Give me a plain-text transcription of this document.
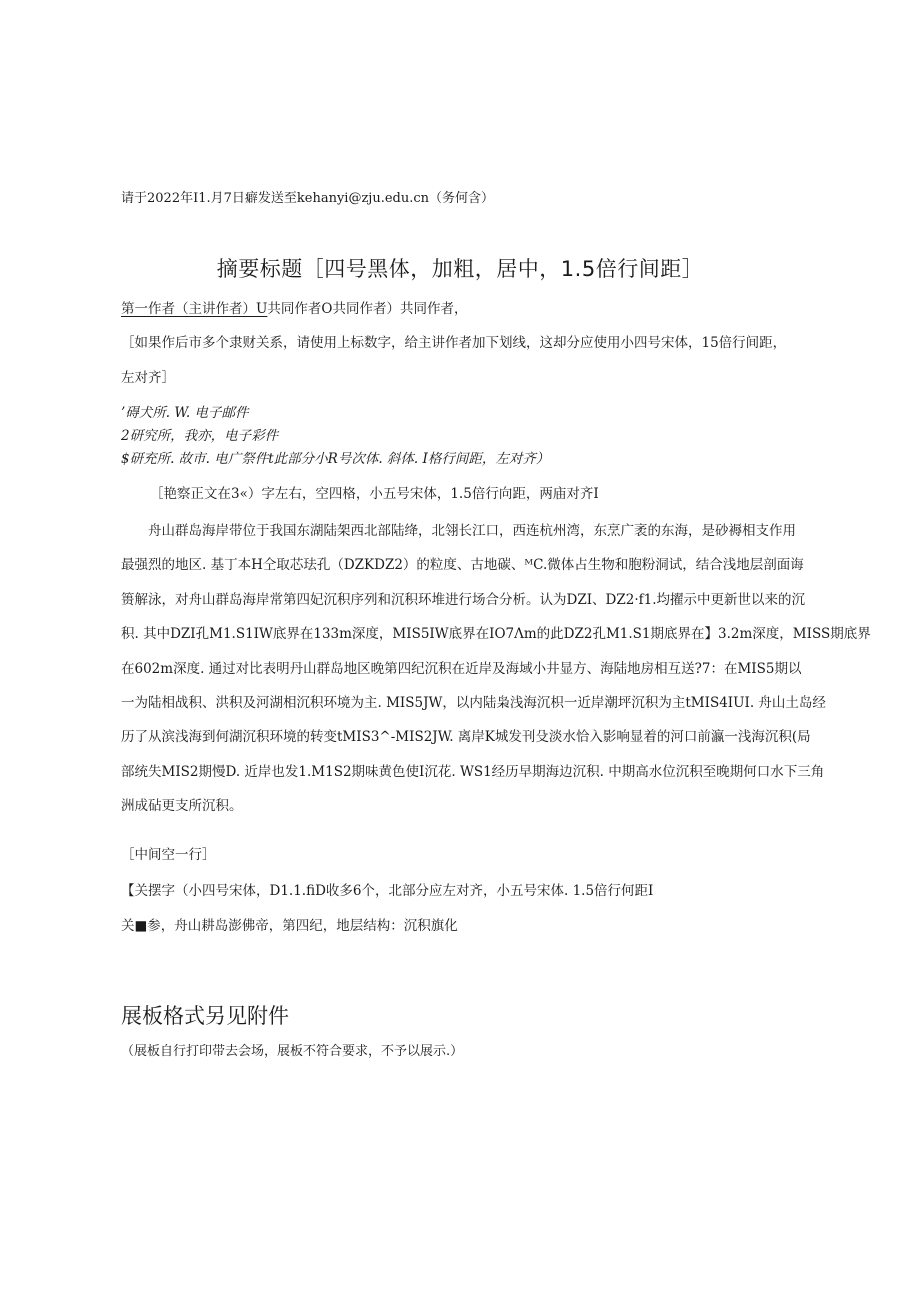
请于2022年I1.月7日癖发送至kehanyi@zju.edu.cn（务何含）
摘要标题［四号黑体，加粗，居中，1.5倍行间距］
第一作者（主讲作者）U共同作者O共同作者）共同作者，
［如果作后市多个隶财关系，请使用上标数字，给主讲作者加下划线，这却分应使用小四号宋体，15倍行间距，
左对齐］
’碍犬所. W. 电子邮件
2研究所，我亦，电子彩件
$研充所. 故市. 电广祭件t此部分小R号次体. 斜体. I格行间距，左对齐）
［艳察正文在3«）字左右，空四格，小五号宋体，1.5倍行向距，两庙对齐I
舟山群岛海岸带位于我国东湖陆架西北部陆绛，北翎长江口，西连杭州湾，东烹广袤的东海，是砂褥相支作用
最强烈的地区. 基丁本H仝取芯珐孔（DZKDZ2）的粒度、古地碳、ᴹC.微体占生物和胞粉洞试，结合浅地层剖面诲
篑解泳，对舟山群岛海岸常第四妃沉积序列和沉积环堆进行场合分析。认为DZI、DZ2·f1.均擢示中更新世以来的沉
积. 其中DZI孔M1.S1IW底界在133m深度，MIS5IW底界在IO7Λm的此DZ2孔M1.S1期底界在】3.2m深度，MISS期底界
在602m深度. 通过对比表明丹山群岛地区晚第四纪沉积在近岸及海域小井显方、海陆地房相互送?7：在MIS5期以
一为陆相战积、洪积及河湖相沉积环境为主. MIS5JW，以内陆枭浅海沉枳一近岸潮坪沉积为主tMIS4IUI. 舟山土岛经
历了从滨浅海到何湖沉积环境的转变tMIS3^-MIS2JW. 离岸K城发刊殳淡水恰入影响显着的河口前瀛一浅海沉积(局
部统失MIS2期慢D. 近岸也发1.M1S2期味黄色使I沉花. WS1经历早期海边沉积. 中期高水位沉积至晚期何口水下三角
洲成砧更支所沉积。
［中间空一行］
【关摆字（小四号宋体，D1.1.fiD收多6个，北部分应左对齐，小五号宋体. 1.5倍行何距I
关■参，舟山耕岛澎佛帝，第四纪，地层结构：沉积旗化
展板格式另见附件
（展板自行打印带去会场，展板不符合要求，不予以展示.）
